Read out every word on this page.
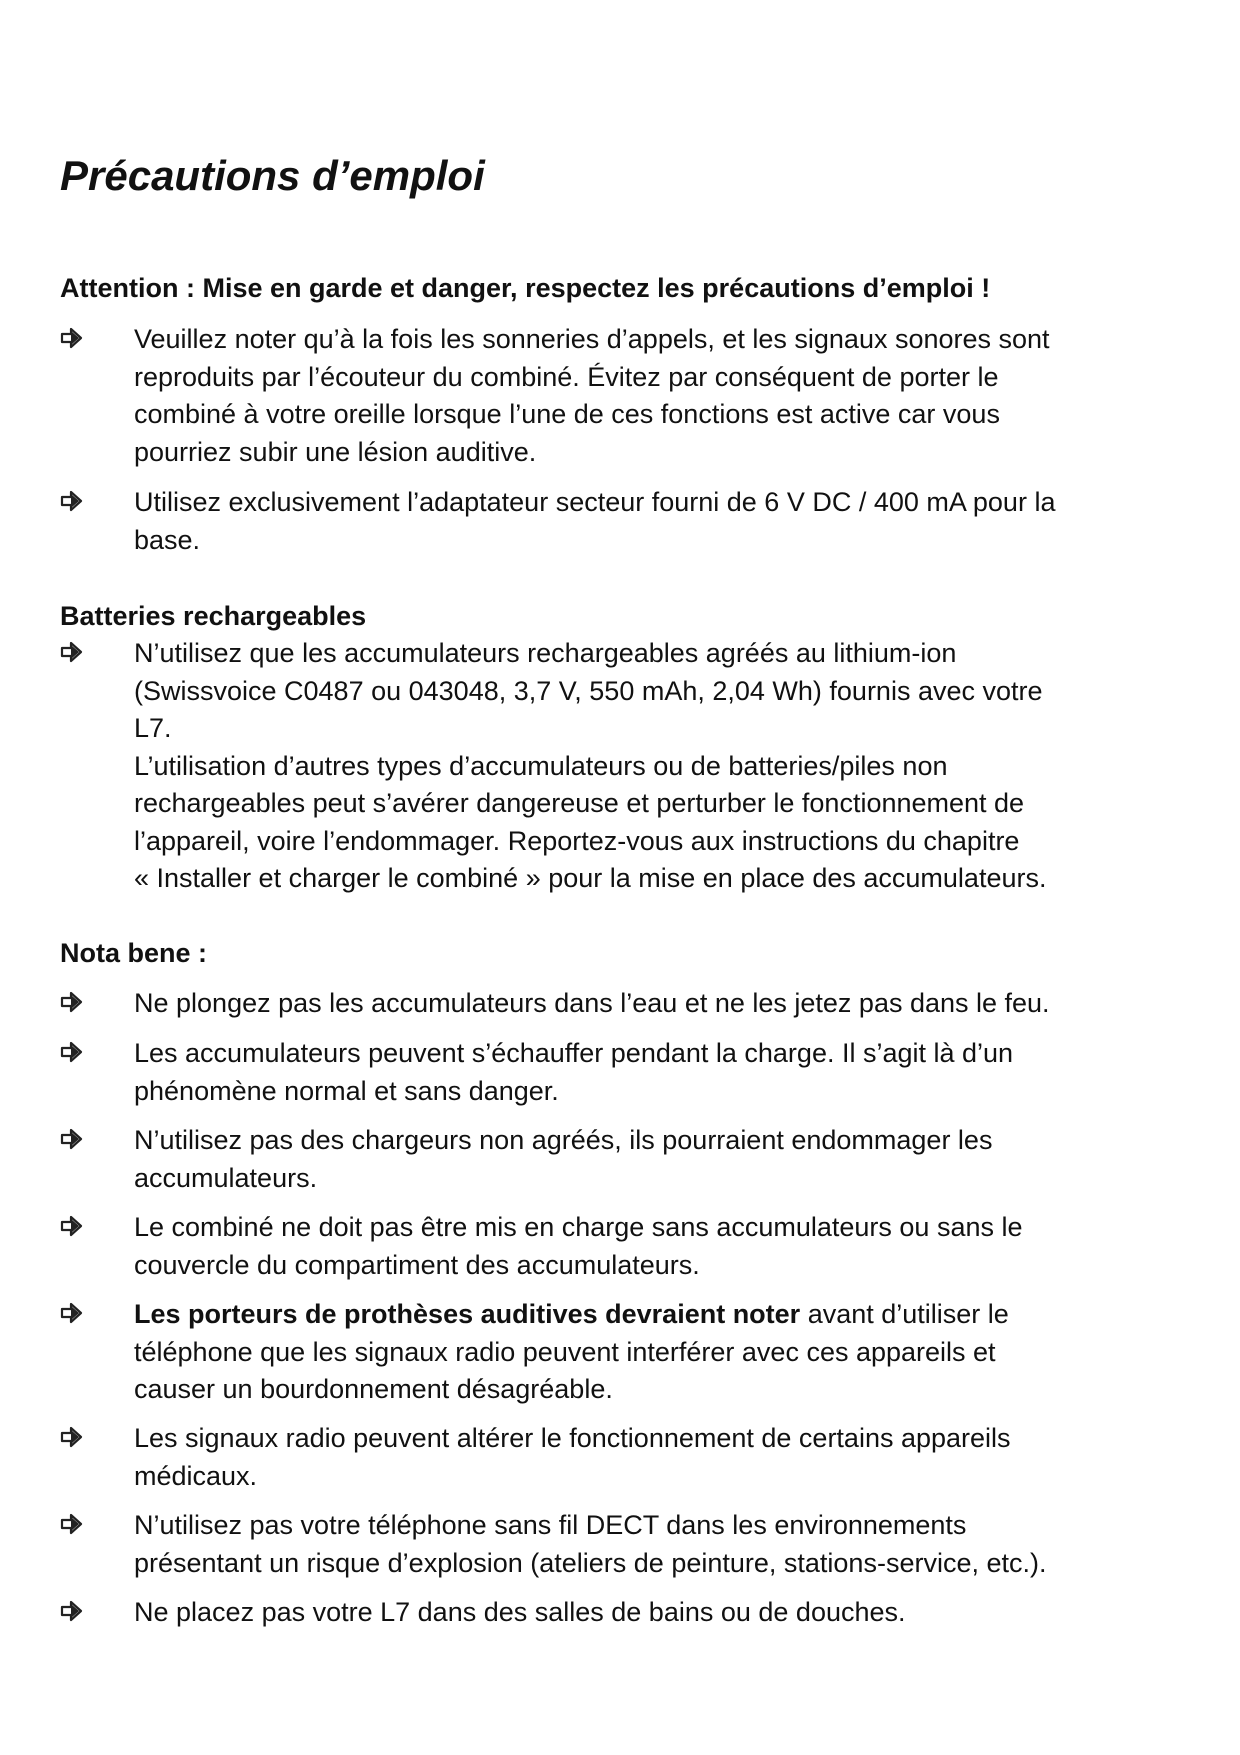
Précautions d’emploi
Attention : Mise en garde et danger, respectez les précautions d’emploi !
Veuillez noter qu’à la fois les sonneries d’appels, et les signaux sonores sont
reproduits par l’écouteur du combiné. Évitez par conséquent de porter le
combiné à votre oreille lorsque l’une de ces fonctions est active car vous
pourriez subir une lésion auditive.
Utilisez exclusivement l’adaptateur secteur fourni de 6 V DC / 400 mA pour la
base.
Batteries rechargeables
N’utilisez que les accumulateurs rechargeables agréés au lithium-ion
(Swissvoice C0487 ou 043048, 3,7 V, 550 mAh, 2,04 Wh) fournis avec votre
L7.
L’utilisation d’autres types d’accumulateurs ou de batteries/piles non
rechargeables peut s’avérer dangereuse et perturber le fonctionnement de
l’appareil, voire l’endommager. Reportez-vous aux instructions du chapitre
« Installer et charger le combiné » pour la mise en place des accumulateurs.
Nota bene :
Ne plongez pas les accumulateurs dans l’eau et ne les jetez pas dans le feu.
Les accumulateurs peuvent s’échauffer pendant la charge. Il s’agit là d’un
phénomène normal et sans danger.
N’utilisez pas des chargeurs non agréés, ils pourraient endommager les
accumulateurs.
Le combiné ne doit pas être mis en charge sans accumulateurs ou sans le
couvercle du compartiment des accumulateurs.
Les porteurs de prothèses auditives devraient noter avant d’utiliser le
téléphone que les signaux radio peuvent interférer avec ces appareils et
causer un bourdonnement désagréable.
Les signaux radio peuvent altérer le fonctionnement de certains appareils
médicaux.
N’utilisez pas votre téléphone sans fil DECT dans les environnements
présentant un risque d’explosion (ateliers de peinture, stations-service, etc.).
Ne placez pas votre L7 dans des salles de bains ou de douches.
